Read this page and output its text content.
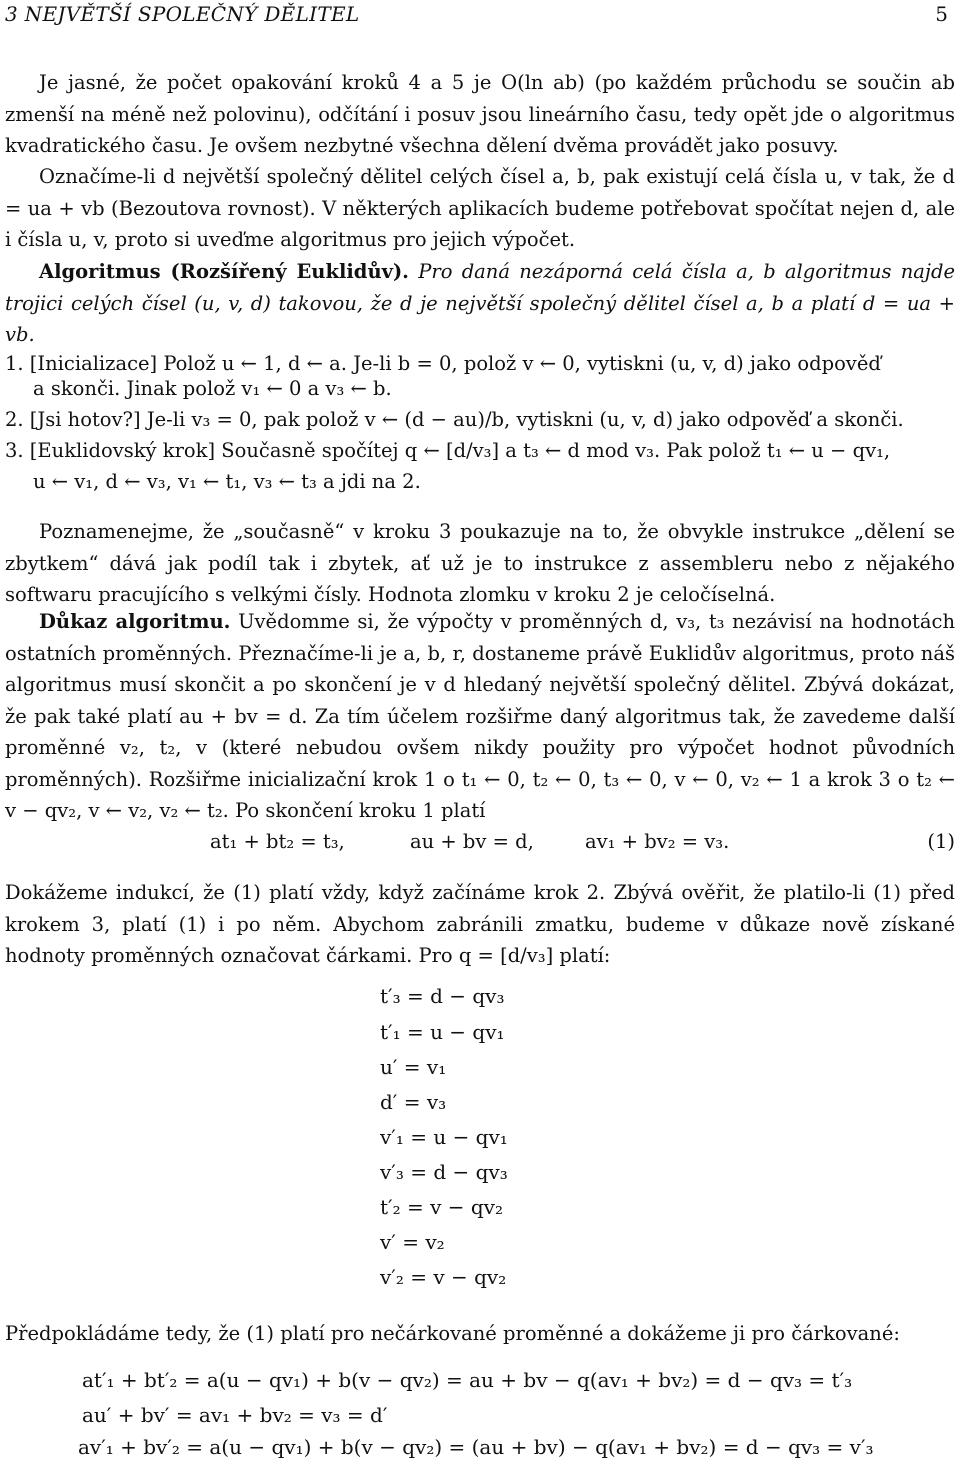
3 NEJVĚTŠÍ SPOLEČNÝ DĚLITEL	5

Je jasné, že počet opakování kroků 4 a 5 je O(ln ab) (po každém průchodu se součin ab zmenší na méně než polovinu), odčítání i posuv jsou lineárního času, tedy opět jde o algoritmus kvadratického času. Je ovšem nezbytné všechna dělení dvěma provádět jako posuvy.

Označíme-li d největší společný dělitel celých čísel a, b, pak existují celá čísla u, v tak, že d = ua + vb (Bezoutova rovnost). V některých aplikacích budeme potřebovat spočítat nejen d, ale i čísla u, v, proto si uveďme algoritmus pro jejich výpočet.

Algoritmus (Rozšířený Euklidův). Pro daná nezáporná celá čísla a, b algoritmus najde trojici celých čísel (u, v, d) takovou, že d je největší společný dělitel čísel a, b a platí d = ua + vb.

1. [Inicializace] Polož u ← 1, d ← a. Je-li b = 0, polož v ← 0, vytiskni (u, v, d) jako odpověď
a skonči. Jinak polož v₁ ← 0 a v₃ ← b.
2. [Jsi hotov?] Je-li v₃ = 0, pak polož v ← (d − au)/b, vytiskni (u, v, d) jako odpověď a skonči.
3. [Euklidovský krok] Současně spočítej q ← [d/v₃] a t₃ ← d mod v₃. Pak polož t₁ ← u − qv₁,
u ← v₁, d ← v₃, v₁ ← t₁, v₃ ← t₃ a jdi na 2.

Poznamenejme, že „současně“ v kroku 3 poukazuje na to, že obvykle instrukce „dělení se zbytkem“ dává jak podíl tak i zbytek, ať už je to instrukce z assembleru nebo z nějakého softwaru pracujícího s velkými čísly. Hodnota zlomku v kroku 2 je celočíselná.

Důkaz algoritmu. Uvědomme si, že výpočty v proměnných d, v₃, t₃ nezávisí na hodnotách ostatních proměnných. Přeznačíme-li je a, b, r, dostaneme právě Euklidův algoritmus, proto náš algoritmus musí skončit a po skončení je v d hledaný největší společný dělitel. Zbývá dokázat, že pak také platí au + bv = d. Za tím účelem rozšiřme daný algoritmus tak, že zavedeme další proměnné v₂, t₂, v (které nebudou ovšem nikdy použity pro výpočet hodnot původních proměnných). Rozšiřme inicializační krok 1 o t₁ ← 0, t₂ ← 0, t₃ ← 0, v ← 0, v₂ ← 1 a krok 3 o t₂ ← v − qv₂, v ← v₂, v₂ ← t₂. Po skončení kroku 1 platí

at₁ + bt₂ = t₃,	au + bv = d,	av₁ + bv₂ = v₃.	(1)

Dokážeme indukcí, že (1) platí vždy, když začínáme krok 2. Zbývá ověřit, že platilo-li (1) před krokem 3, platí (1) i po něm. Abychom zabránili zmatku, budeme v důkaze nově získané hodnoty proměnných označovat čárkami. Pro q = [d/v₃] platí:

t′₃ = d − qv₃
t′₁ = u − qv₁
u′ = v₁
d′ = v₃
v′₁ = u − qv₁
v′₃ = d − qv₃
t′₂ = v − qv₂
v′ = v₂
v′₂ = v − qv₂

Předpokládáme tedy, že (1) platí pro nečárkované proměnné a dokážeme ji pro čárkované:

at′₁ + bt′₂ = a(u − qv₁) + b(v − qv₂) = au + bv − q(av₁ + bv₂) = d − qv₃ = t′₃
au′ + bv′ = av₁ + bv₂ = v₃ = d′
av′₁ + bv′₂ = a(u − qv₁) + b(v − qv₂) = (au + bv) − q(av₁ + bv₂) = d − qv₃ = v′₃
